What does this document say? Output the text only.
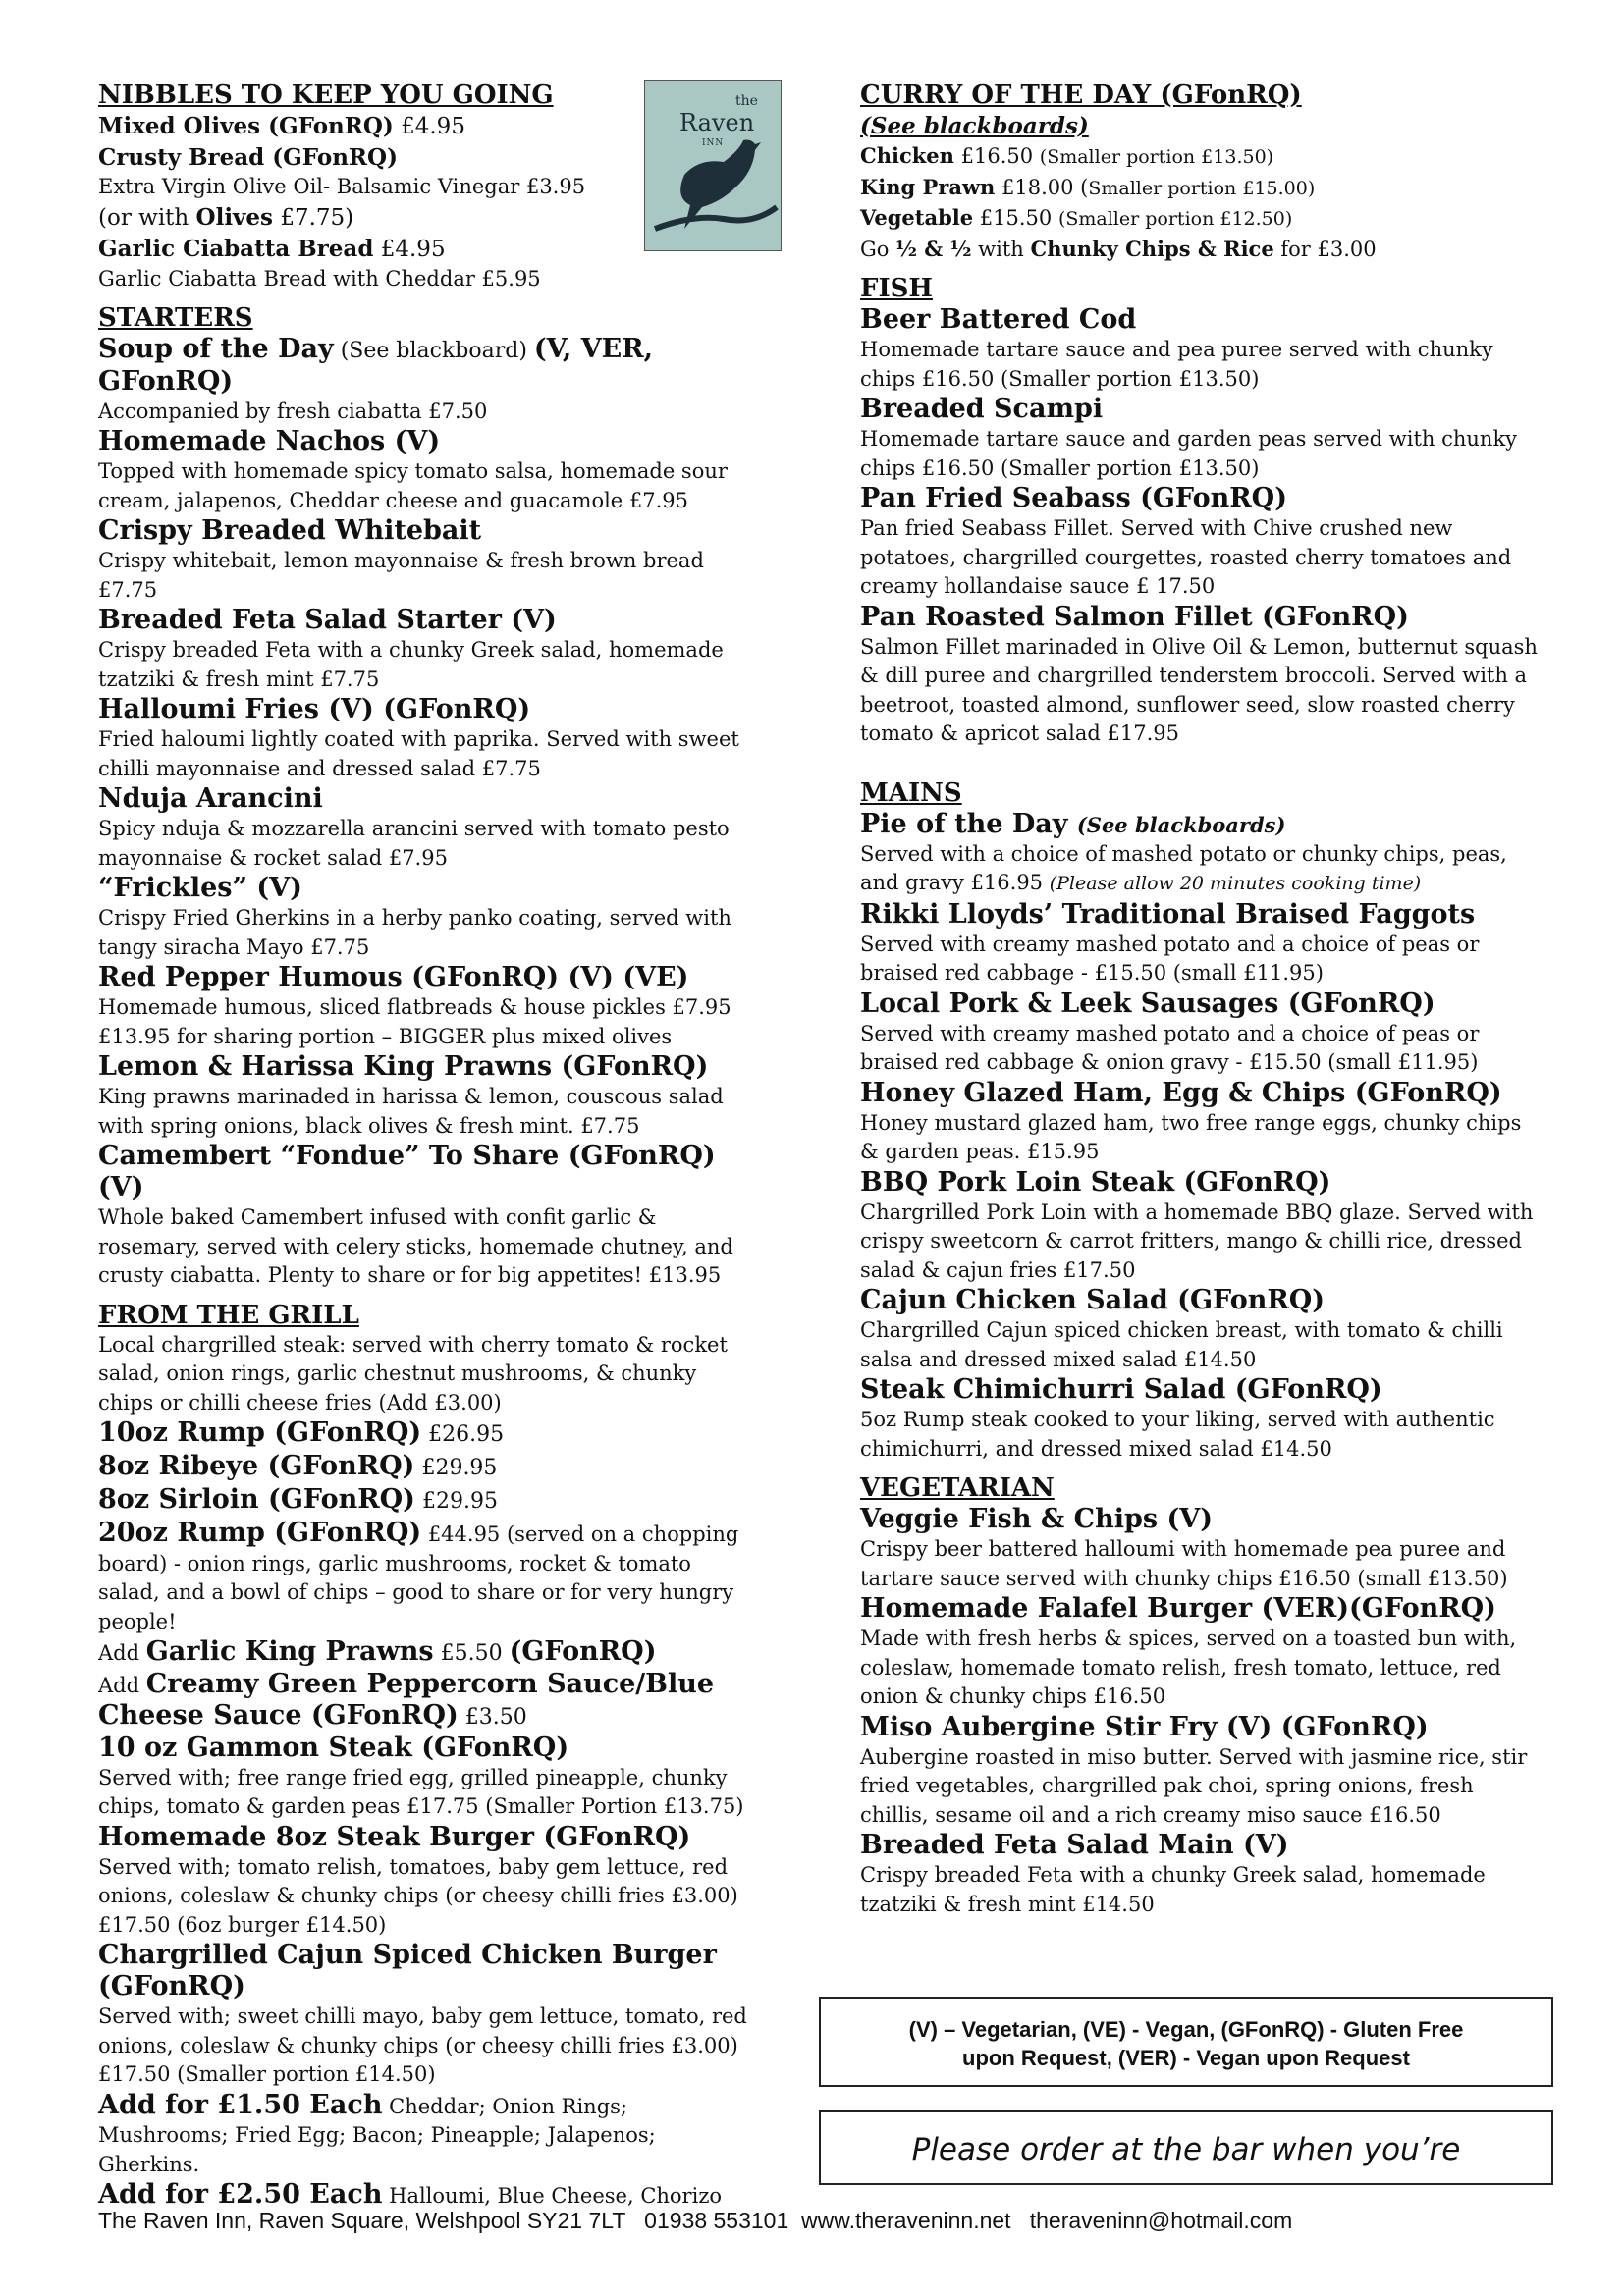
NIBBLES TO KEEP YOU GOING
Mixed Olives (GFonRQ) £4.95
Crusty Bread (GFonRQ)
Extra Virgin Olive Oil- Balsamic Vinegar £3.95
(or with Olives £7.75)
Garlic Ciabatta Bread £4.95
Garlic Ciabatta Bread with Cheddar £5.95
STARTERS
Soup of the Day (See blackboard) (V, VER, GFonRQ)
Accompanied by fresh ciabatta £7.50
Homemade Nachos (V)
Topped with homemade spicy tomato salsa, homemade sour cream, jalapenos, Cheddar cheese and guacamole £7.95
Crispy Breaded Whitebait
Crispy whitebait, lemon mayonnaise & fresh brown bread £7.75
Breaded Feta Salad Starter (V)
Crispy breaded Feta with a chunky Greek salad, homemade tzatziki & fresh mint £7.75
Halloumi Fries (V) (GFonRQ)
Fried haloumi lightly coated with paprika. Served with sweet chilli mayonnaise and dressed salad £7.75
Nduja Arancini
Spicy nduja & mozzarella arancini served with tomato pesto mayonnaise & rocket salad £7.95
“Frickles” (V)
Crispy Fried Gherkins in a herby panko coating, served with tangy siracha Mayo £7.75
Red Pepper Humous (GFonRQ) (V) (VE)
Homemade humous, sliced flatbreads & house pickles £7.95 £13.95 for sharing portion – BIGGER plus mixed olives
Lemon & Harissa King Prawns (GFonRQ)
King prawns marinaded in harissa & lemon, couscous salad with spring onions, black olives & fresh mint. £7.75
Camembert “Fondue” To Share (GFonRQ)(V)
Whole baked Camembert infused with confit garlic & rosemary, served with celery sticks, homemade chutney, and crusty ciabatta. Plenty to share or for big appetites! £13.95
FROM THE GRILL
Local chargrilled steak: served with cherry tomato & rocket salad, onion rings, garlic chestnut mushrooms, & chunky chips or chilli cheese fries (Add £3.00)
10oz Rump (GFonRQ) £26.95
8oz Ribeye (GFonRQ) £29.95
8oz Sirloin (GFonRQ) £29.95
20oz Rump (GFonRQ) £44.95 (served on a chopping board) - onion rings, garlic mushrooms, rocket & tomato salad, and a bowl of chips – good to share or for very hungry people!
Add Garlic King Prawns £5.50 (GFonRQ)
Add Creamy Green Peppercorn Sauce/Blue Cheese Sauce (GFonRQ) £3.50
10 oz Gammon Steak (GFonRQ)
Served with; free range fried egg, grilled pineapple, chunky chips, tomato & garden peas £17.75 (Smaller Portion £13.75)
Homemade 8oz Steak Burger (GFonRQ)
Served with; tomato relish, tomatoes, baby gem lettuce, red onions, coleslaw & chunky chips (or cheesy chilli fries £3.00) £17.50 (6oz burger £14.50)
Chargrilled Cajun Spiced Chicken Burger (GFonRQ)
Served with; sweet chilli mayo, baby gem lettuce, tomato, red onions, coleslaw & chunky chips (or cheesy chilli fries £3.00) £17.50 (Smaller portion £14.50)
Add for £1.50 Each Cheddar; Onion Rings; Mushrooms; Fried Egg; Bacon; Pineapple; Jalapenos; Gherkins.
Add for £2.50 Each Halloumi, Blue Cheese, Chorizo
the
Raven
INN
CURRY OF THE DAY (GFonRQ)
(See blackboards)
Chicken £16.50 (Smaller portion £13.50)
King Prawn £18.00 (Smaller portion £15.00)
Vegetable £15.50 (Smaller portion £12.50)
Go ½ & ½ with Chunky Chips & Rice for £3.00
FISH
Beer Battered Cod
Homemade tartare sauce and pea puree served with chunky chips £16.50 (Smaller portion £13.50)
Breaded Scampi
Homemade tartare sauce and garden peas served with chunky chips £16.50 (Smaller portion £13.50)
Pan Fried Seabass (GFonRQ)
Pan fried Seabass Fillet. Served with Chive crushed new potatoes, chargrilled courgettes, roasted cherry tomatoes and creamy hollandaise sauce £ 17.50
Pan Roasted Salmon Fillet (GFonRQ)
Salmon Fillet marinaded in Olive Oil & Lemon, butternut squash & dill puree and chargrilled tenderstem broccoli. Served with a beetroot, toasted almond, sunflower seed, slow roasted cherry tomato & apricot salad £17.95
MAINS
Pie of the Day (See blackboards)
Served with a choice of mashed potato or chunky chips, peas, and gravy £16.95 (Please allow 20 minutes cooking time)
Rikki Lloyds’ Traditional Braised Faggots
Served with creamy mashed potato and a choice of peas or braised red cabbage - £15.50 (small £11.95)
Local Pork & Leek Sausages (GFonRQ)
Served with creamy mashed potato and a choice of peas or braised red cabbage & onion gravy - £15.50 (small £11.95)
Honey Glazed Ham, Egg & Chips (GFonRQ)
Honey mustard glazed ham, two free range eggs, chunky chips & garden peas. £15.95
BBQ Pork Loin Steak (GFonRQ)
Chargrilled Pork Loin with a homemade BBQ glaze. Served with crispy sweetcorn & carrot fritters, mango & chilli rice, dressed salad & cajun fries £17.50
Cajun Chicken Salad (GFonRQ)
Chargrilled Cajun spiced chicken breast, with tomato & chilli salsa and dressed mixed salad £14.50
Steak Chimichurri Salad (GFonRQ)
5oz Rump steak cooked to your liking, served with authentic chimichurri, and dressed mixed salad £14.50
VEGETARIAN
Veggie Fish & Chips (V)
Crispy beer battered halloumi with homemade pea puree and tartare sauce served with chunky chips £16.50 (small £13.50)
Homemade Falafel Burger (VER)(GFonRQ)
Made with fresh herbs & spices, served on a toasted bun with, coleslaw, homemade tomato relish, fresh tomato, lettuce, red onion & chunky chips £16.50
Miso Aubergine Stir Fry (V) (GFonRQ)
Aubergine roasted in miso butter. Served with jasmine rice, stir fried vegetables, chargrilled pak choi, spring onions, fresh chillis, sesame oil and a rich creamy miso sauce £16.50
Breaded Feta Salad Main (V)
Crispy breaded Feta with a chunky Greek salad, homemade tzatziki & fresh mint £14.50
(V) – Vegetarian, (VE) - Vegan, (GFonRQ) - Gluten Free
upon Request, (VER) - Vegan upon Request
Please order at the bar when you’re
The Raven Inn, Raven Square, Welshpool SY21 7LT   01938 553101  www.theraveninn.net   theraveninn@hotmail.com
